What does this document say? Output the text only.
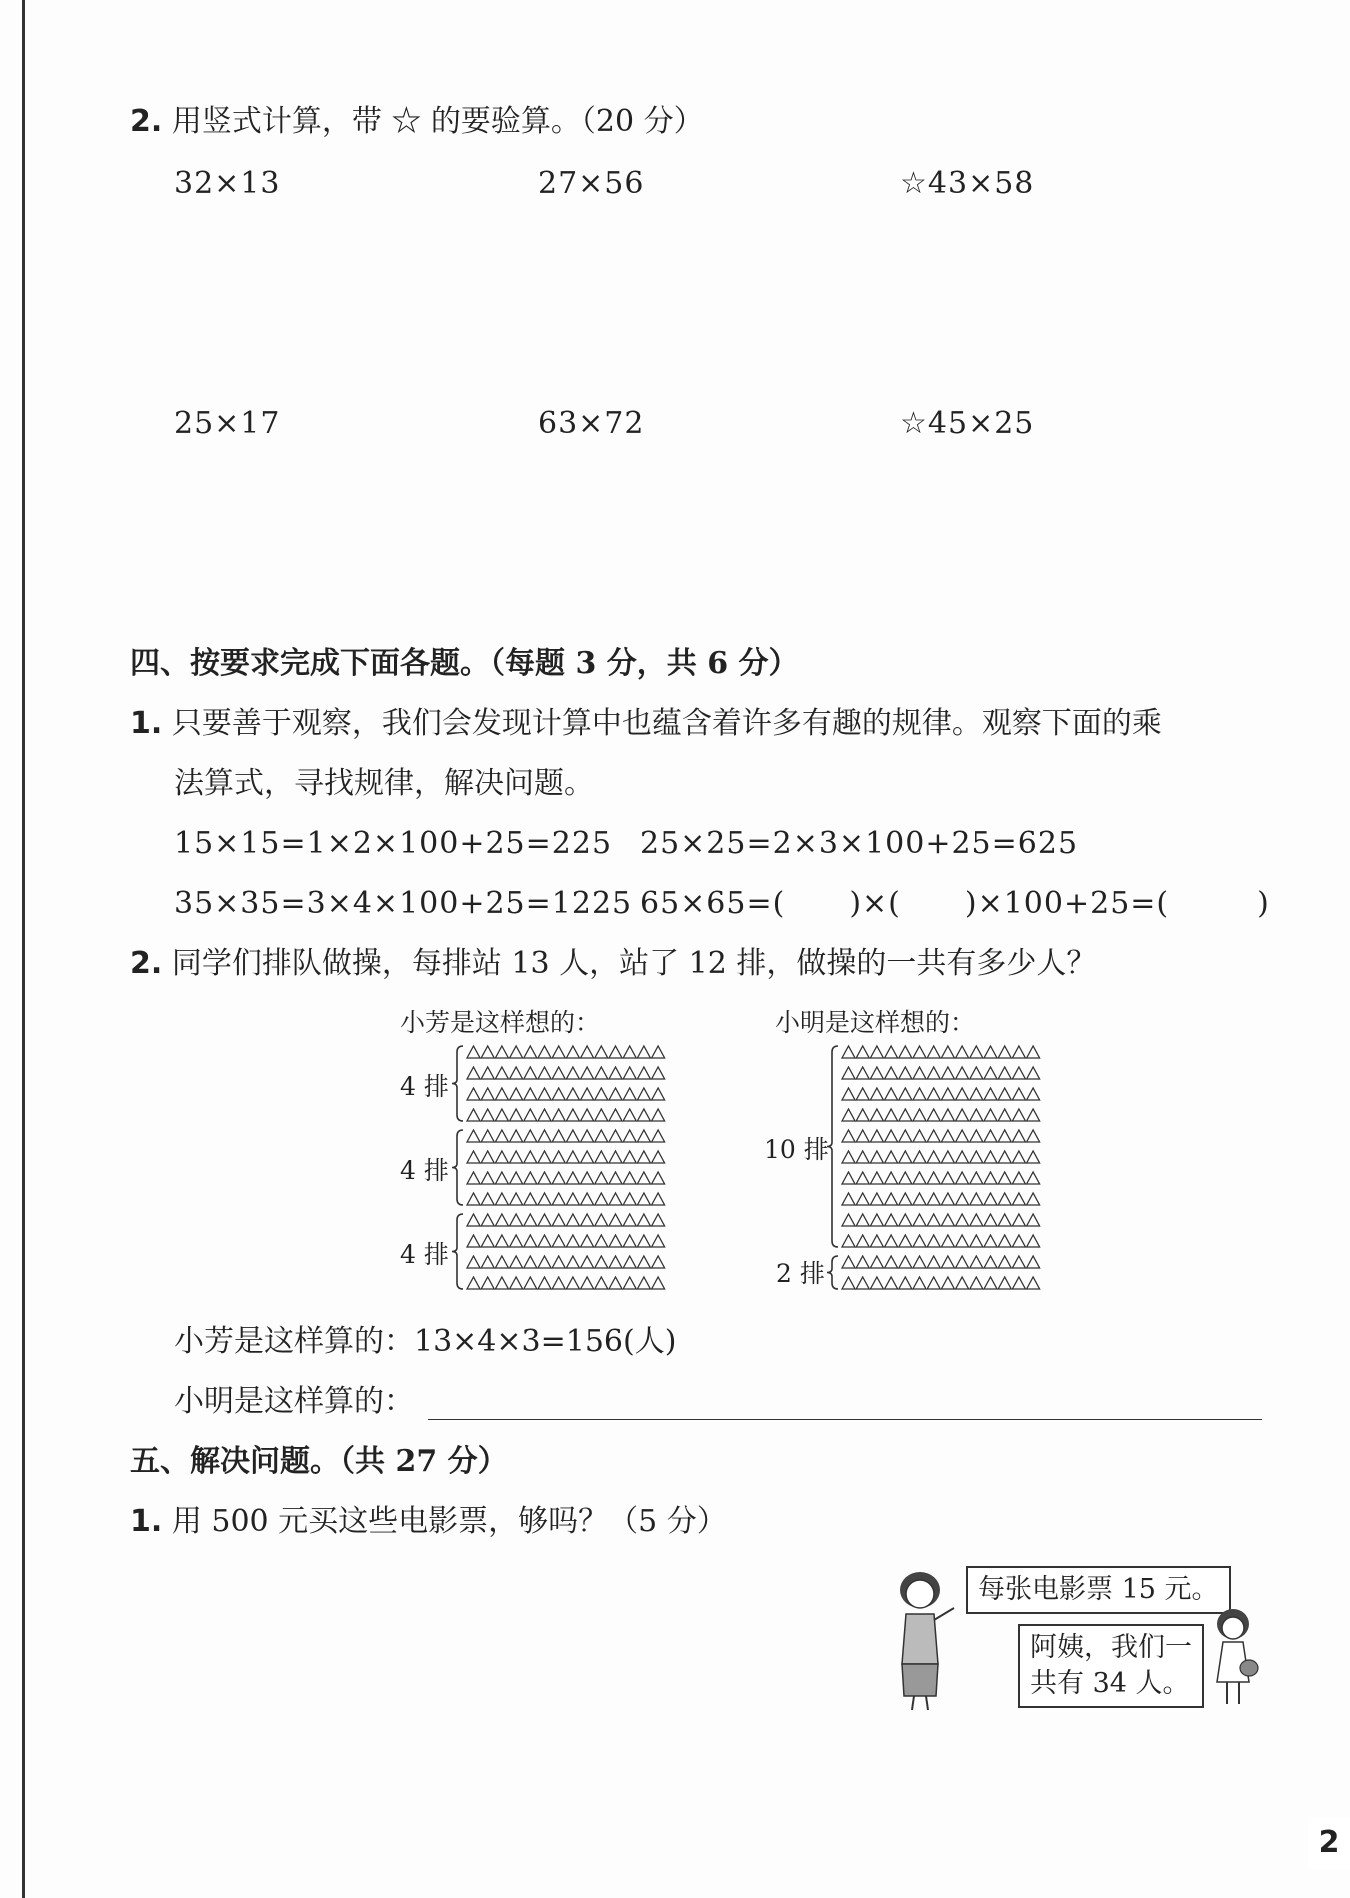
2. 用竖式计算，带 ☆ 的要验算。（20 分）
32×13	27×56	☆43×58
25×17	63×72	☆45×25
四、按要求完成下面各题。（每题 3 分，共 6 分）
1. 只要善于观察，我们会发现计算中也蕴含着许多有趣的规律。观察下面的乘
法算式，寻找规律，解决问题。
15×15=1×2×100+25=225 25×25=2×3×100+25=625
35×35=3×4×100+25=1225 65×65=( )×( )×100+25=(	)
2. 同学们排队做操，每排站 13 人，站了 12 排，做操的一共有多少人？
小芳是这样想的：
4 排
4 排
4 排
小明是这样想的：
10 排
2 排
小芳是这样算的：13×4×3=156(人)
小明是这样算的：
五、解决问题。（共 27 分）
1. 用 500 元买这些电影票，够吗？（5 分）
每张电影票 15 元。
阿姨，我们一
共有 34 人。
2
